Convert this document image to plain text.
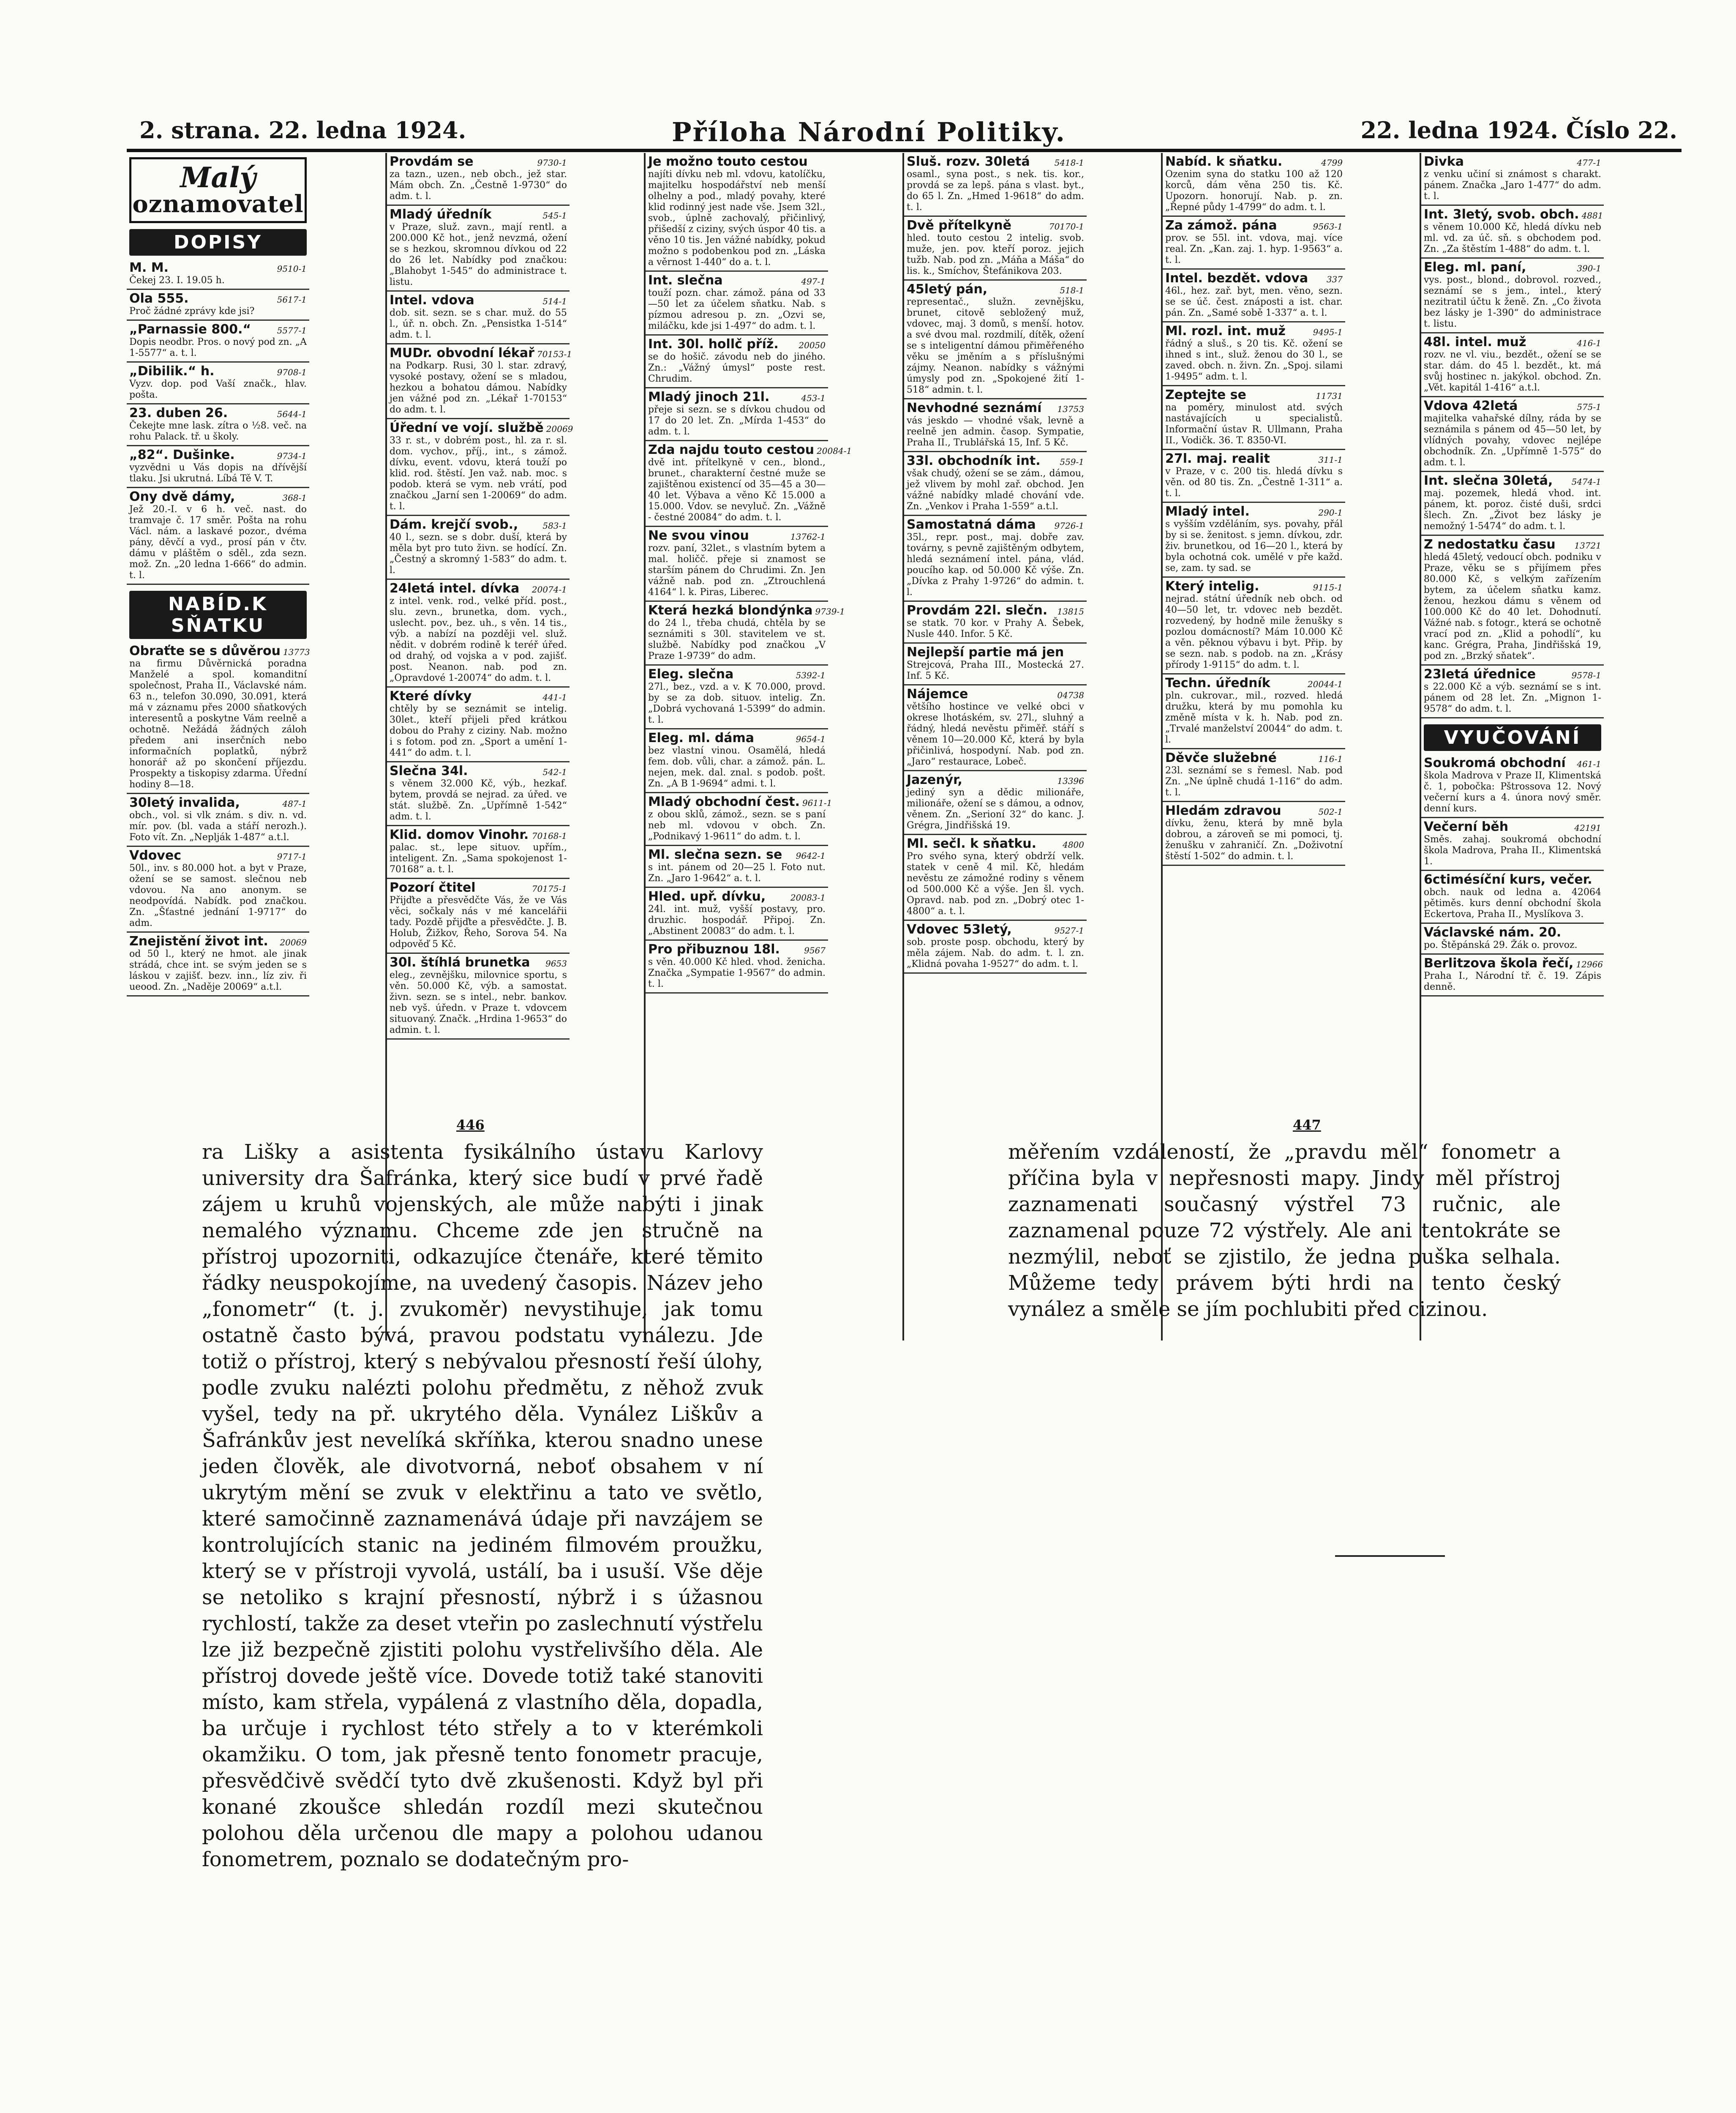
2. strana. 22. ledna 1924.	Příloha Národní Politiky.	22. ledna 1924. Číslo 22.
Malý
oznamovatel
DOPISY
M. M.	9510-1
Čekej 23. I. 19.05 h.
Ola 555.	5617-1
Proč žádné zprávy kde jsi?
„Parnassie 800.“	5577-1
Dopis neodbr. Pros. o nový pod zn. „A 1-5577“ a. t. l.
„Dibilik.“ h.	9708-1
Vyzv. dop. pod Vaší značk., hlav. pošta.
23. duben 26.	5644-1
Čekejte mne lask. zítra o ½8. več. na rohu Palack. tř. u školy.
„82“. Dušinke.	9734-1
vyzvědni u Vás dopis na dřívější tlaku. Jsi ukrutná. Líbá Tě V. T.
Ony dvě dámy,	368-1
Jež 20.-I. v 6 h. več. nast. do tramvaje č. 17 směr. Pošta na rohu Václ. nám. a laskavé pozor., dvéma pány, děvčí a vyd., prosí pán v čtv. dámu v pláštěm o sděl., zda sezn. mož. Zn. „20 ledna 1-666“ do admin. t. l.
NABÍD.K SŇATKU
Obraťte se s důvěrou 13773
na firmu Důvěrnická poradna Manželé a spol. komanditní společnost, Praha II., Václavské nám. 63 n., telefon 30.090, 30.091, která má v záznamu přes 2000 sňatkových interesentů a poskytne Vám reelně a ochotně. Nežádá žádných záloh předem ani inserčních nebo informačních poplatků, nýbrž honorář až po skončení příjezdu. Prospekty a tiskopisy zdarma. Úřední hodiny 8—18.
30letý invalida,	487-1
obch., vol. si vlk znám. s div. n. vd. mír. pov. (bl. vada a stáří nerozh.). Foto vít. Zn. „Neplják 1-487“ a.t.l.
Vdovec	9717-1
50l., inv. s 80.000 hot. a byt v Praze, ožení se se samost. slečnou neb vdovou. Na ano anonym. se neodpovídá. Nabídk. pod značkou. Zn. „Šťastné jednání 1-9717“ do adm.
Znejistění život int. 20069
od 50 l., který ne hmot. ale jinak strádá, chce int. se svým jeden se s láskou v zajišť. bezv. inn., líz ziv. ři ueood. Zn. „Naděje 20069“ a.t.l.
Provdám se	9730-1
za tazn., uzen., neb obch., jež star. Mám obch. Zn. „Čestně 1-9730“ do adm. t. l.
Mladý úředník	545-1
v Praze, služ. zavn., mají rentl. a 200.000 Kč hot., jenž nevzmá, ožení se s hezkou, skromnou dívkou od 22 do 26 let. Nabídky pod značkou: „Blahobyt 1-545“ do administrace t. listu.
Intel. vdova	514-1
dob. sit. sezn. se s char. muž. do 55 l., úř. n. obch. Zn. „Pensistka 1-514“ adm. t. l.
MUDr. obvodní lékař 70153-1
na Podkarp. Rusi, 30 l. star. zdravý, vysoké postavy, ožení se s mladou, hezkou a bohatou dámou. Nabídky jen vážné pod zn. „Lékař 1-70153“ do adm. t. l.
Úřední ve vojí. službě 20069
33 r. st., v dobrém post., hl. za r. sl. dom. vychov., příj., int., s zámož. dívku, event. vdovu, která touží po klid. rod. štěstí. Jen važ. nab. moc. s podob. která se vym. neb vrátí, pod značkou „Jarní sen 1-20069“ do adm. t. l.
Dám. krejčí svob.,	583-1
40 l., sezn. se s dobr. duší, která by měla byt pro tuto živn. se hodící. Zn. „Čestný a skromný 1-583“ do adm. t. l.
24letá intel. dívka 20074-1
z intel. venk. rod., velké příd. post., slu. zevn., brunetka, dom. vych., uslecht. pov., bez. uh., s věn. 14 tis., výb. a nabízí na později vel. služ. nědit. v dobrém rodině k teréř úřed. od drahý, od vojska a v pod. zajišť. post. Neanon. nab. pod zn. „Opravdové 1-20074“ do adm. t. l.
Které dívky	441-1
chtěly by se seznámit se intelig. 30let., kteří přijeli před krátkou dobou do Prahy z ciziny. Nab. možno i s fotom. pod zn. „Sport a umění 1-441“ do adm. t. l.
Slečna 34l.	542-1
s věnem 32.000 Kč, výb., hezkaf. bytem, provdá se nejrad. za úřed. ve stát. službě. Zn. „Upřímně 1-542“ adm. t. l.
Klid. domov Vinohr. 70168-1
palac. st., lepe situov. upřím., inteligent. Zn. „Sama spokojenost 1-70168“ a. t. l.
Pozorí čtitel	70175-1
Přijďte a přesvědčte Vás, že ve Vás věci, sočkaly nás v mé kancelářii tady. Pozdě přijďte a přesvědčte. J. B. Holub, Žižkov, Řeho, Sorova 54. Na odpověď 5 Kč.
30l. štíhlá brunetka 9653
eleg., zevnějšku, milovnice sportu, s věn. 50.000 Kč, výb. a samostat. živn. sezn. se s intel., nebr. bankov. neb vyš. úředn. v Praze t. vdovcem situovaný. Značk. „Hrdina 1-9653“ do admin. t. l.
Je možno touto cestou
najíti dívku neb ml. vdovu, katolíčku, majitelku hospodářství neb menší olhelny a pod., mladý povahy, které klid rodinný jest nade vše. Jsem 32l., svob., úplně zachovalý, přičinlivý, přišedší z ciziny, svých úspor 40 tis. a věno 10 tis. Jen vážné nabídky, pokud možno s podobenkou pod zn. „Láska a věrnost 1-440“ do a. t. l.
Int. slečna	497-1
touží pozn. char. zámož. pána od 33—50 let za účelem sňatku. Nab. s pízmou adresou p. zn. „Ozvi se, miláčku, kde jsi 1-497“ do adm. t. l.
Int. 30l. hollč příž. 20050
se do hošič. závodu neb do jiného. Zn.: „Vážný úmysl“ poste rest. Chrudim.
Mladý jinoch 21l.	453-1
přeje si sezn. se s dívkou chudou od 17 do 20 let. Zn. „Mírda 1-453“ do adm. t. l.
Zda najdu touto cestou 20084-1
dvě int. přítelkyně v cen., blond., brunet., charakterní čestné muže se zajištěnou existencí od 35—45 a 30—40 let. Výbava a věno Kč 15.000 a 15.000. Vdov. se nevyluč. Zn. „Vážně - čestné 20084“ do adm. t. l.
Ne svou vinou	13762-1
rozv. paní, 32let., s vlastním bytem a mal. holičč. přeje si znamost se starším pánem do Chrudimi. Zn. Jen vážně nab. pod zn. „Ztrouchlená 4164“ l. k. Piras, Liberec.
Která hezká blondýnka 9739-1
do 24 l., třeba chudá, chtěla by se seznámiti s 30l. stavitelem ve st. službě. Nabídky pod značkou „V Praze 1-9739“ do adm.
Eleg. slečna	5392-1
27l., bez., vzd. a v. K 70.000, provd. by se za dob. situov. intelig. Zn. „Dobrá vychovaná 1-5399“ do admin. t. l.
Eleg. ml. dáma	9654-1
bez vlastní vinou. Osamělá, hledá fem. dob. vůli, char. a zámož. pán. L. nejen, mek. dal. znal. s podob. pošt. Zn. „A B 1-9694“ admi. t. l.
Mladý obchodní čest. 9611-1
z obou sklů, zámož., sezn. se s paní neb ml. vdovou v obch. Zn. „Podnikavý 1-9611“ do adm. t. l.
Ml. slečna sezn. se 9642-1
s int. pánem od 20—25 l. Foto nut. Zn. „Jaro 1-9642“ a. t. l.
Hled. upř. dívku,	20083-1
24l. int. muž, vyšší postavy, pro. druzhic. hospodář. Připoj. Zn. „Abstinent 20083“ do adm. t. l.
Pro přibuznou 18l.	9567
s věn. 40.000 Kč hled. vhod. ženicha. Značka „Sympatie 1-9567“ do admin. t. l.
Sluš. rozv. 30letá	5418-1
osaml., syna post., s nek. tis. kor., provdá se za lepš. pána s vlast. byt., do 65 l. Zn. „Hmed 1-9618“ do adm. t. l.
Dvě přítelkyně	70170-1
hled. touto cestou 2 intelig. svob. muže, jen. pov. kteří poroz. jejich tužb. Nab. pod zn. „Máňa a Máša“ do lis. k., Smíchov, Štefánikova 203.
45letý pán,	518-1
representač., služn. zevnějšku, brunet, citově sebložený muž, vdovec, maj. 3 domů, s menší. hotov. a své dvou mal. rozdmilí, dítěk, ožení se s inteligentní dámou přiměřeného věku se jměním a s příslušnými zájmy. Neanon. nabídky s vážnými úmysly pod zn. „Spokojené žití 1-518“ admin. t. l.
Nevhodné seznámí 13753
vás jeskdo — vhodné však, levně a reelně jen admin. časop. Sympatie, Praha II., Trublářská 15, Inf. 5 Kč.
33l. obchodník int. 559-1
však chudý, ožení se se zám., dámou, jež vlivem by mohl zař. obchod. Jen vážné nabídky mladé chování vde. Zn. „Venkov i Praha 1-559“ a.t.l.
Samostatná dáma 9726-1
35l., repr. post., maj. dobře zav. továrny, s pevně zajištěným odbytem, hledá seznámení intel. pána, vlád. poucího kap. od 50.000 Kč výše. Zn. „Dívka z Prahy 1-9726“ do admin. t. l.
Provdám 22l. slečn. 13815
se statk. 70 kor. v Prahy A. Šebek, Nusle 440. Infor. 5 Kč.
Nejlepší partie má jen
Strejcová, Praha III., Mostecká 27. Inf. 5 Kč.
Nájemce	04738
většího hostince ve velké obci v okrese lhotáském, sv. 27l., sluhný a řádný, hledá nevěstu přiměř. stáří s věnem 10—20.000 Kč, která by byla přičinlivá, hospodyní. Nab. pod zn. „Jaro“ restaurace, Lobeč.
Jazenýr,	13396
jediný syn a dědic milionáře, milionáře, ožení se s dámou, a odnov, věnem. Zn. „Serioní 32“ do kanc. J. Grégra, Jindřišská 19.
Ml. sečl. k sňatku.	4800
Pro svého syna, který obdrží velk. statek v ceně 4 mil. Kč, hledám nevěstu ze zámožné rodiny s věnem od 500.000 Kč a výše. Jen šl. vych. Opravd. nab. pod zn. „Dobrý otec 1-4800“ a. t. l.
Vdovec 53letý,	9527-1
sob. proste posp. obchodu, který by měla zájem. Nab. do adm. t. l. zn. „Klidná povaha 1-9527“ do adm. t. l.
Nabíd. k sňatku.	4799
Ozenim syna do statku 100 až 120 korců, dám věna 250 tis. Kč. Upozorn. honorují. Nab. p. zn. „Řepné půdy 1-4799“ do adm. t. l.
Za zámož. pána	9563-1
prov. se 55l. int. vdova, maj. více real. Zn. „Kan. zaj. 1. hyp. 1-9563“ a. t. l.
Intel. bezdět. vdova 337
46l., hez. zař. byt, men. věno, sezn. se se úč. čest. znáposti a ist. char. pán. Zn. „Samé sobě 1-337“ a. t. l.
Ml. rozl. int. muž	9495-1
řádný a sluš., s 20 tis. Kč. ožení se ihned s int., služ. ženou do 30 l., se zaved. obch. n. živn. Zn. „Spoj. silami 1-9495“ adm. t. l.
Zeptejte se	11731
na poměry, minulost atd. svých nastávajících u specialistů. Informační ústav R. Ullmann, Praha II., Vodičk. 36. T. 8350-VI.
27l. maj. realit	311-1
v Praze, v c. 200 tis. hledá dívku s věn. od 80 tis. Zn. „Čestně 1-311“ a. t. l.
Mladý intel.	290-1
s vyšším vzděláním, sys. povahy, přál by si se. ženitost. s jemn. dívkou, zdr. živ. brunetkou, od 16—20 l., která by byla ochotná cok. umělé v pře každ. se, zam. ty sad. se
Který intelig.	9115-1
nejrad. státní úředník neb obch. od 40—50 let, tr. vdovec neb bezdět. rozvedený, by hodně mile ženušky s pozlou domácností? Mám 10.000 Kč a věn. pěknou výbavu i byt. Přip. by se sezn. nab. s podob. na zn. „Krásy přírody 1-9115“ do adm. t. l.
Techn. úředník	20044-1
pln. cukrovar., mil., rozved. hledá družku, která by mu pomohla ku změně místa v k. h. Nab. pod zn. „Trvalé manželství 20044“ do adm. t. l.
Děvče služebné	116-1
23l. seznámí se s řemesl. Nab. pod Zn. „Ne úplně chudá 1-116“ do adm. t. l.
Hledám zdravou	502-1
dívku, ženu, která by mně byla dobrou, a zároveň se mi pomoci, tj. ženušku v zahraničí. Zn. „Doživotní štěstí 1-502“ do admin. t. l.
Divka	477-1
z venku učiní si známost s charakt. pánem. Značka „Jaro 1-477“ do adm. t. l.
Int. 3letý, svob. obch. 4881
s věnem 10.000 Kč, hledá dívku neb ml. vd. za úč. sň. s obchodem pod. Zn. „Za štěstím 1-488“ do adm. t. l.
Eleg. ml. paní,	390-1
vys. post., blond., dobrovol. rozved., seznámí se s jem., intel., který nezitratil účtu k ženě. Zn. „Co života bez lásky je 1-390“ do administrace t. listu.
48l. intel. muž	416-1
rozv. ne vl. viu., bezdět., ožení se se star. dám. do 45 l. bezdět., kt. má svůj hostinec n. jakýkol. obchod. Zn. „Vět. kapitál 1-416“ a.t.l.
Vdova 42letá	575-1
majitelka vahařské dílny, ráda by se seznámila s pánem od 45—50 let, by vlídných povahy, vdovec nejlépe obchodník. Zn. „Upřímně 1-575“ do adm. t. l.
Int. slečna 30letá, 5474-1
maj. pozemek, hledá vhod. int. pánem, kt. poroz. čisté duši, srdci šlech. Zn. „Život bez lásky je nemožný 1-5474“ do adm. t. l.
Z nedostatku času 13721
hledá 45letý, vedoucí obch. podniku v Praze, věku se s přijímem přes 80.000 Kč, s velkým zařízením bytem, za účelem sňatku kamz. ženou, hezkou dámu s věnem od 100.000 Kč do 40 let. Dohodnutí. Vážné nab. s fotogr., která se ochotně vrací pod zn. „Klid a pohodlí“, ku kanc. Grégra, Praha, Jindřišská 19, pod zn. „Brzký sňatek“.
23letá úřednice	9578-1
s 22.000 Kč a výb. seznámí se s int. pánem od 28 let. Zn. „Mignon 1-9578“ do adm. t. l.
VYUČOVÁNÍ
Soukromá obchodní 461-1
škola Madrova v Praze II, Klimentská č. 1, pobočka: Pštrossova 12. Nový večerní kurs a 4. února nový směr. denní kurs.
Večerní běh	42191
Směs. zahaj. soukromá obchodní škola Madrova, Praha II., Klimentská 1.
6ctimésíční kurs, večer.
obch. nauk od ledna a. 42064 pětiměs. kurs denní obchodní škola Eckertova, Praha II., Myslíkova 3.
Václavské nám. 20.
po. Štěpánská 29. Žák o. provoz.
Berlitzova škola řečí, 12966
Praha I., Národní tř. č. 19. Zápis denně.
446	447
ra Lišky a asistenta fysikálního ústavu Karlovy university dra Šafránka, který sice budí v prvé řadě zájem u kruhů vojenských, ale může nabýti i jinak nemalého významu. Chceme zde jen stručně na přístroj upozorniti, odkazujíce čtenáře, které těmito řádky neuspokojíme, na uvedený časopis. Název jeho „fonometr“ (t. j. zvukoměr) nevystihuje, jak tomu ostatně často bývá, pravou podstatu vynálezu. Jde totiž o přístroj, který s nebývalou přesností řeší úlohy, podle zvuku nalézti polohu předmětu, z něhož zvuk vyšel, tedy na př. ukrytého děla. Vynález Liškův a Šafránkův jest nevelíká skříňka, kterou snadno unese jeden člověk, ale divotvorná, neboť obsahem v ní ukrytým mění se zvuk v elektřinu a tato ve světlo, které samočinně zaznamenává údaje při navzájem se kontrolujících stanic na jediném filmovém proužku, který se v přístroji vyvolá, ustálí, ba i usuší. Vše děje se netoliko s krajní přesností, nýbrž i s úžasnou rychlostí, takže za deset vteřin po zaslechnutí výstřelu lze již bezpečně zjistiti polohu vystřelivšího děla. Ale přístroj dovede ještě více. Dovede totiž také stanoviti místo, kam střela, vypálená z vlastního děla, dopadla, ba určuje i rychlost této střely a to v kterémkoli okamžiku. O tom, jak přesně tento fonometr pracuje, přesvědčivě svědčí tyto dvě zkušenosti. Když byl při konané zkoušce shledán rozdíl mezi skutečnou polohou děla určenou dle mapy a polohou udanou fonometrem, poznalo se dodatečným pro-
měřením vzdáleností, že „pravdu měl“ fonometr a příčina byla v nepřesnosti mapy. Jindy měl přístroj zaznamenati současný výstřel 73 ručnic, ale zaznamenal pouze 72 výstřely. Ale ani tentokráte se nezmýlil, neboť se zjistilo, že jedna puška selhala. Můžeme tedy právem býti hrdi na tento český vynález a směle se jím pochlubiti před cizinou.
